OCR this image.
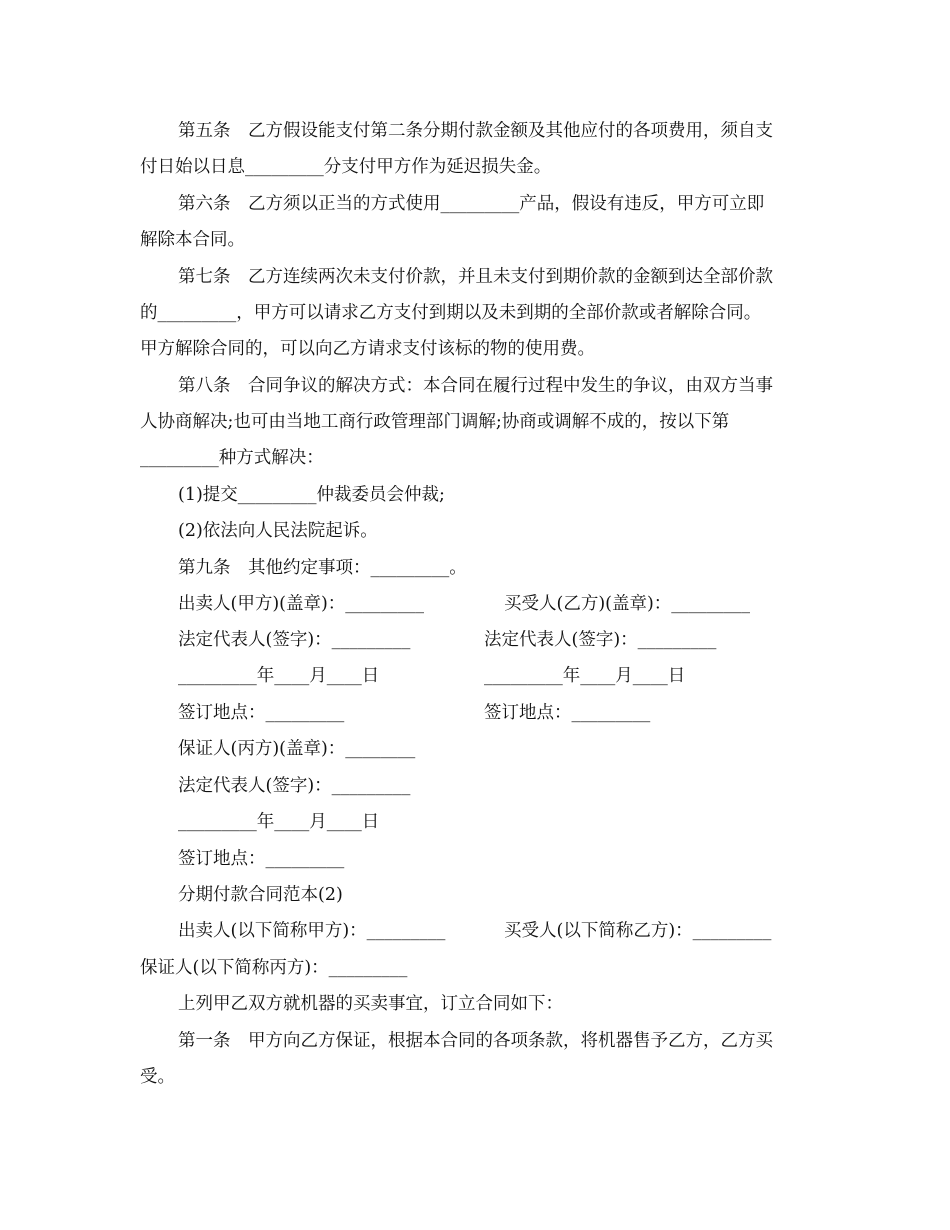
第五条　乙方假设能支付第二条分期付款金额及其他应付的各项费用，须自支
付日始以日息_________分支付甲方作为延迟损失金。
第六条　乙方须以正当的方式使用_________产品，假设有违反，甲方可立即
解除本合同。
第七条　乙方连续两次未支付价款，并且未支付到期价款的金额到达全部价款
的_________，甲方可以请求乙方支付到期以及未到期的全部价款或者解除合同。
甲方解除合同的，可以向乙方请求支付该标的物的使用费。
第八条　合同争议的解决方式：本合同在履行过程中发生的争议，由双方当事
人协商解决;也可由当地工商行政管理部门调解;协商或调解不成的，按以下第
_________种方式解决：
(1)提交_________仲裁委员会仲裁;
(2)依法向人民法院起诉。
第九条　其他约定事项：_________。
出卖人(甲方)(盖章)：_________	买受人(乙方)(盖章)：_________
法定代表人(签字)：_________	法定代表人(签字)：_________
_________年____月____日	_________年____月____日
签订地点：_________	签订地点：_________
保证人(丙方)(盖章)：________
法定代表人(签字)：_________
_________年____月____日
签订地点：_________
分期付款合同范本(2)
出卖人(以下简称甲方)：_________	买受人(以下简称乙方)：_________
保证人(以下简称丙方)：_________
上列甲乙双方就机器的买卖事宜，订立合同如下：
第一条　甲方向乙方保证，根据本合同的各项条款，将机器售予乙方，乙方买
受。
